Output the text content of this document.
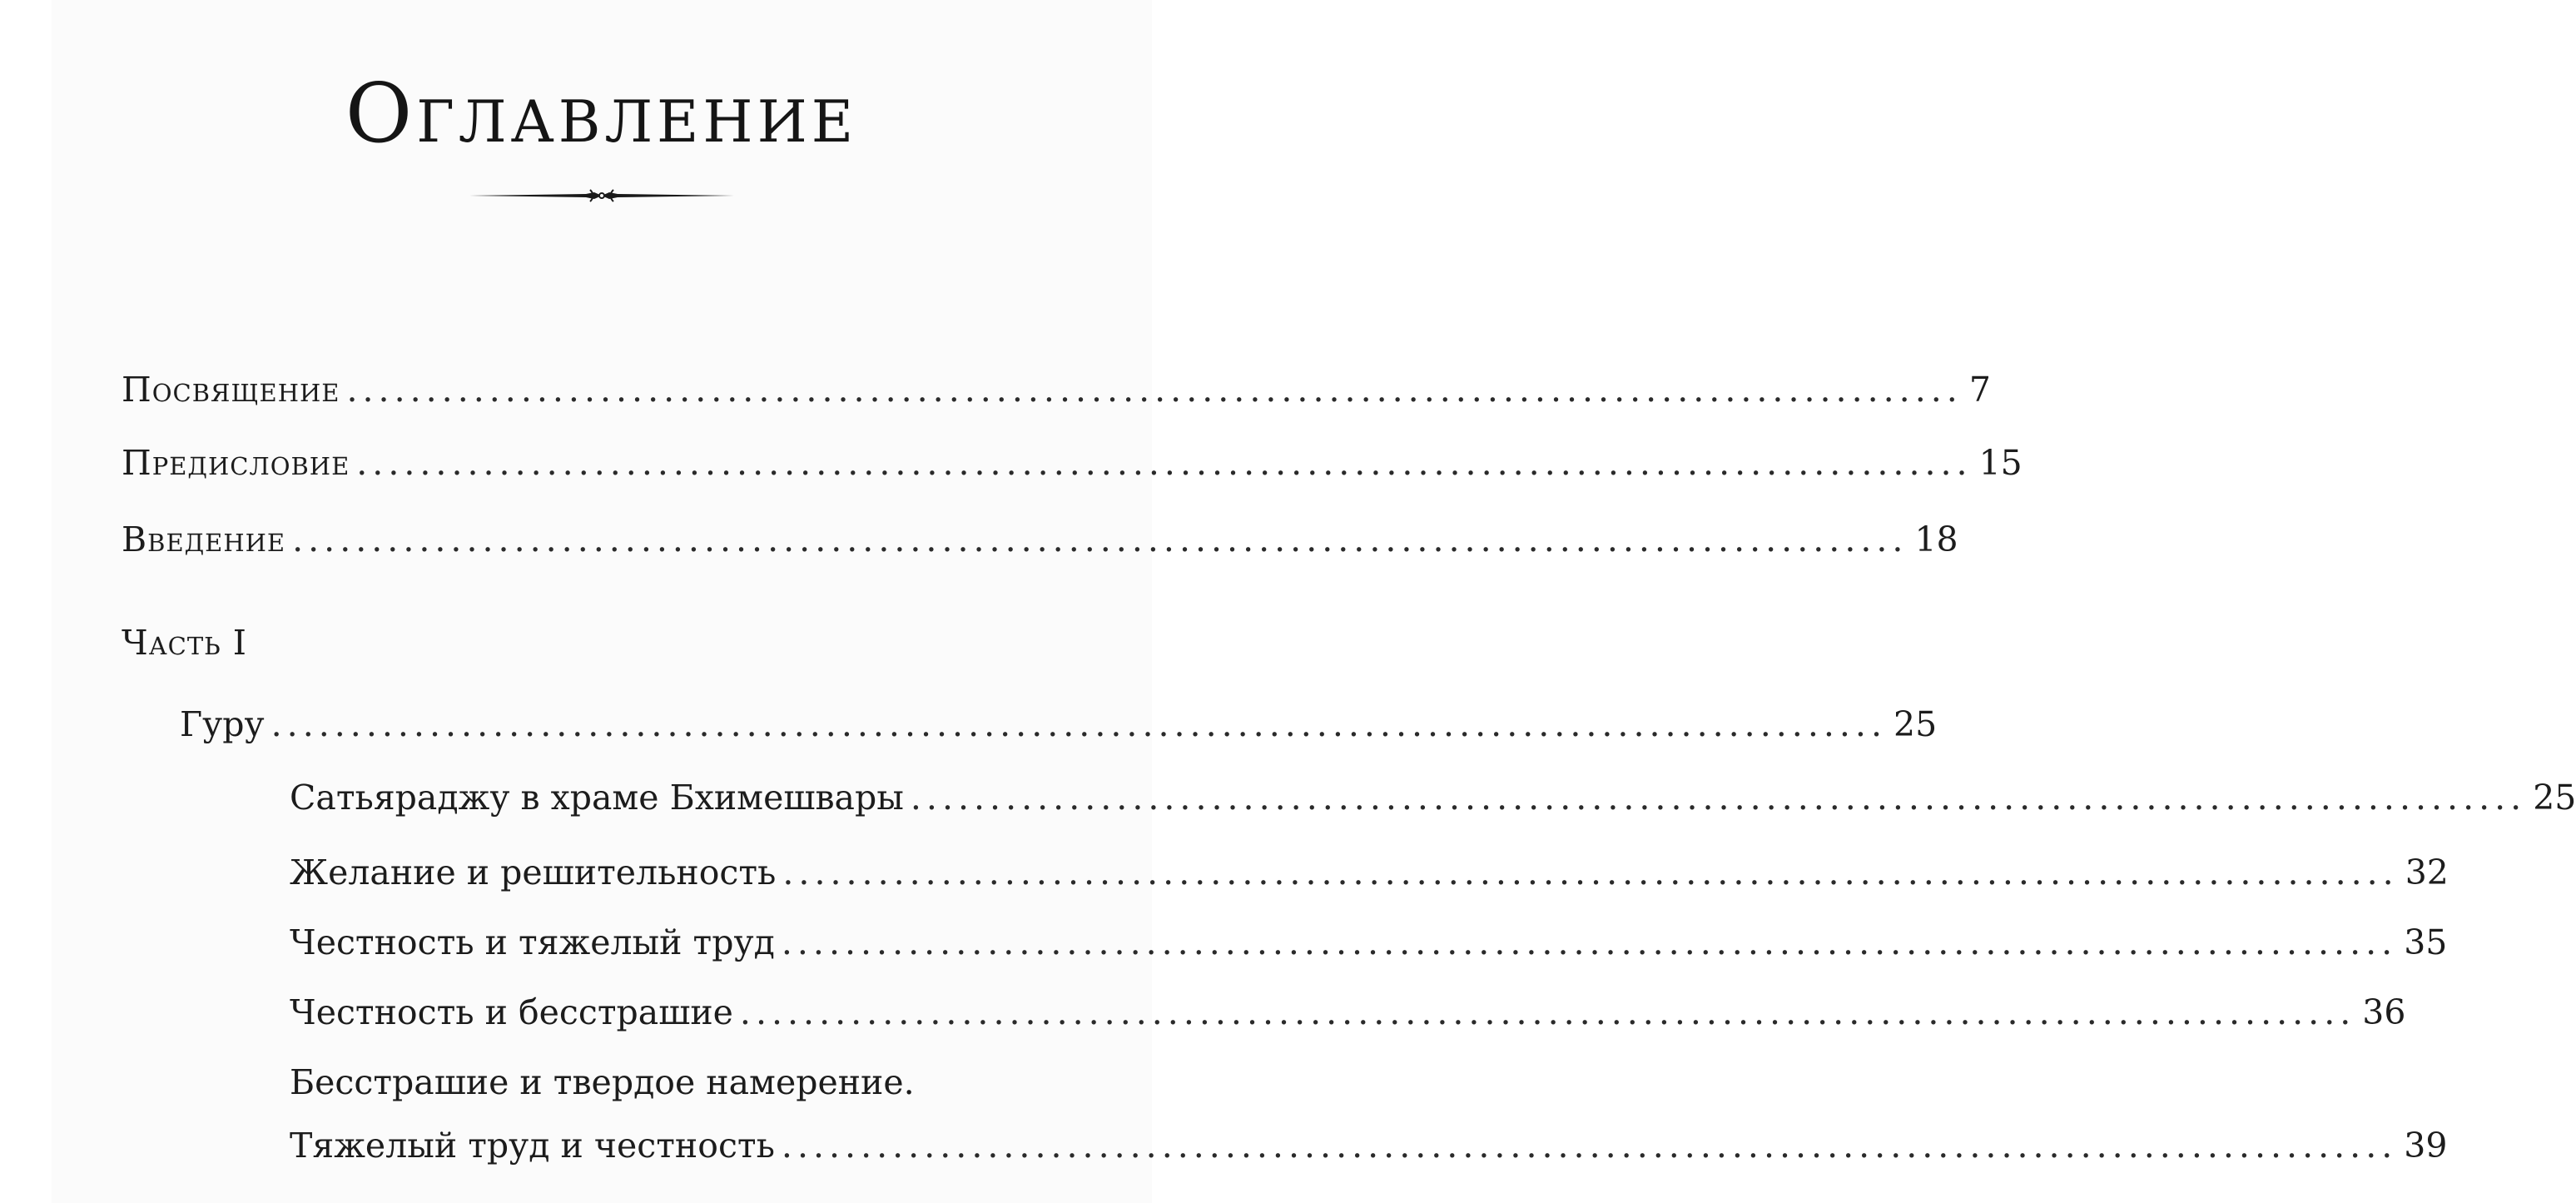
Оглавление
Посвящение ...................................................................................................... 7
Предисловие ...................................................................................................... 15
Введение ...................................................................................................... 18
Часть I
Гуру ...................................................................................................... 25
Сатьяраджу в храме Бхимешвары ...................................................................................................... 25
Желание и решительность ...................................................................................................... 32
Честность и тяжелый труд ...................................................................................................... 35
Честность и бесстрашие ...................................................................................................... 36
Бесстрашие и твердое намерение.
Тяжелый труд и честность ...................................................................................................... 39
